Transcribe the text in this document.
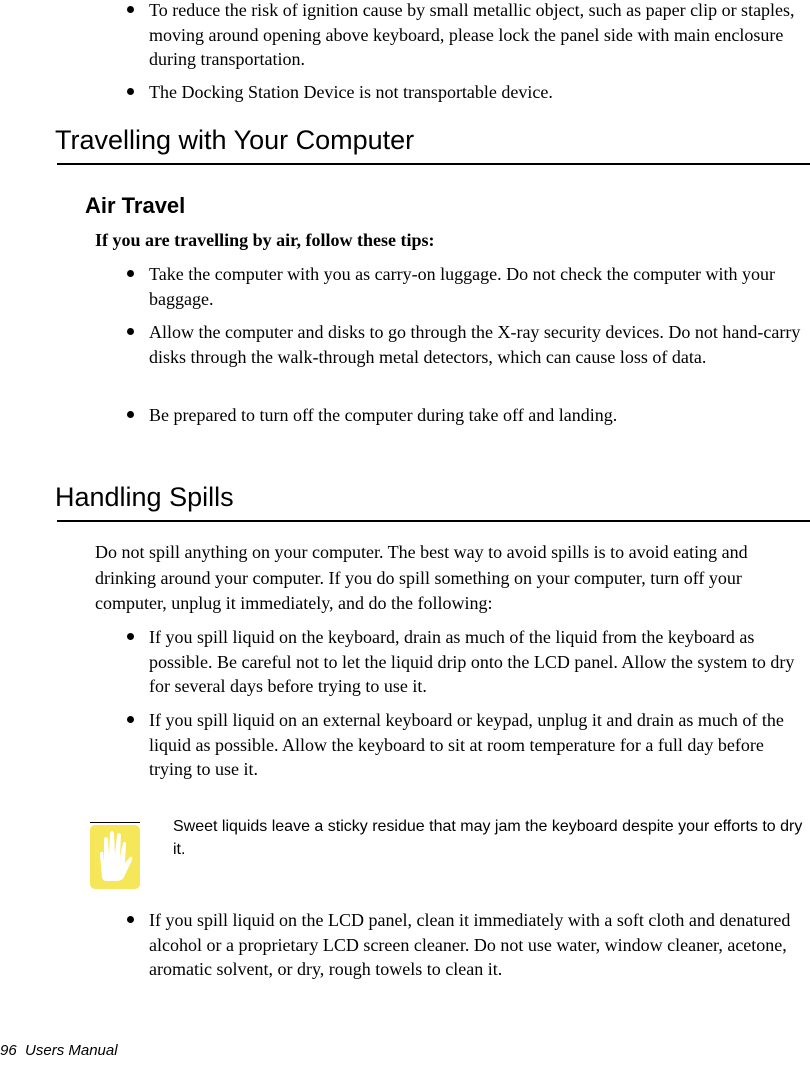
To reduce the risk of ignition cause by small metallic object, such as paper clip or staples, moving around opening above keyboard, please lock the panel side with main enclosure during transportation.
The Docking Station Device is not transportable device.
Travelling with Your Computer
Air Travel
If you are travelling by air, follow these tips:
Take the computer with you as carry-on luggage. Do not check the computer with your baggage.
Allow the computer and disks to go through the X-ray security devices. Do not hand-carry disks through the walk-through metal detectors, which can cause loss of data.
Be prepared to turn off the computer during take off and landing.
Handling Spills
Do not spill anything on your computer. The best way to avoid spills is to avoid eating and drinking around your computer. If you do spill something on your computer, turn off your computer, unplug it immediately, and do the following:
If you spill liquid on the keyboard, drain as much of the liquid from the keyboard as possible. Be careful not to let the liquid drip onto the LCD panel. Allow the system to dry for several days before trying to use it.
If you spill liquid on an external keyboard or keypad, unplug it and drain as much of the liquid as possible. Allow the keyboard to sit at room temperature for a full day before trying to use it.
Sweet liquids leave a sticky residue that may jam the keyboard despite your efforts to dry it.
If you spill liquid on the LCD panel, clean it immediately with a soft cloth and denatured alcohol or a proprietary LCD screen cleaner. Do not use water, window cleaner, acetone, aromatic solvent, or dry, rough towels to clean it.
96 Users Manual
